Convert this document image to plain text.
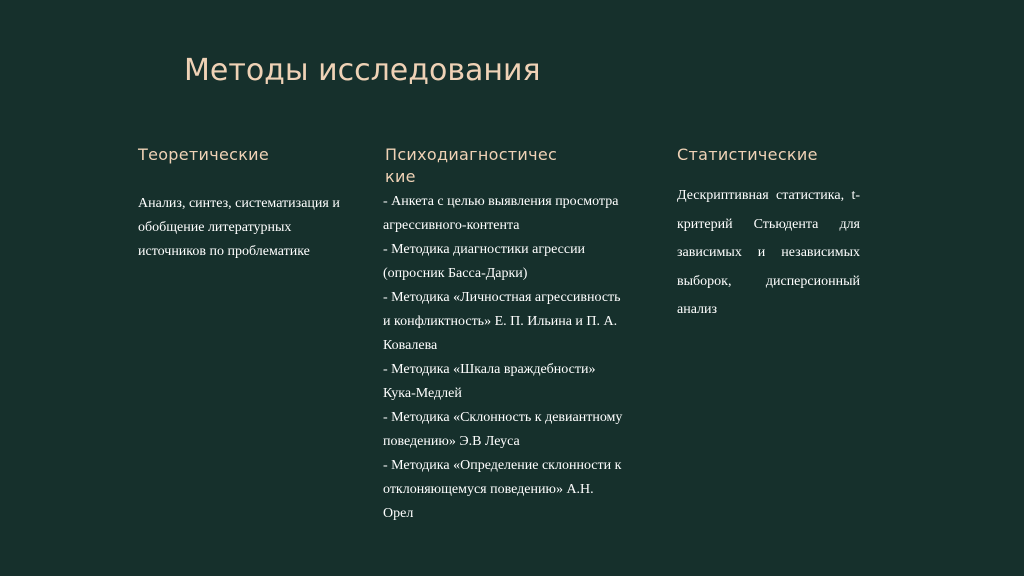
Методы исследования
Теоретические
Анализ, синтез, систематизация и обобщение литературных источников по проблематике
Психодиагностичес
кие
- Анкета с целью выявления просмотра агрессивного-контента
- Методика диагностики агрессии (опросник Басса-Дарки)
- Методика «Личностная агрессивность и конфликтность» Е. П. Ильина и П. А. Ковалева
- Методика «Шкала враждебности» Кука-Медлей
- Методика «Склонность к девиантному поведению» Э.В Леуса
- Методика «Определение склонности к отклоняющемуся поведению» А.Н. Орел
Статистические
Дескриптивная статистика, t-критерий Стьюдента для зависимых и независимых выборок, дисперсионный анализ
